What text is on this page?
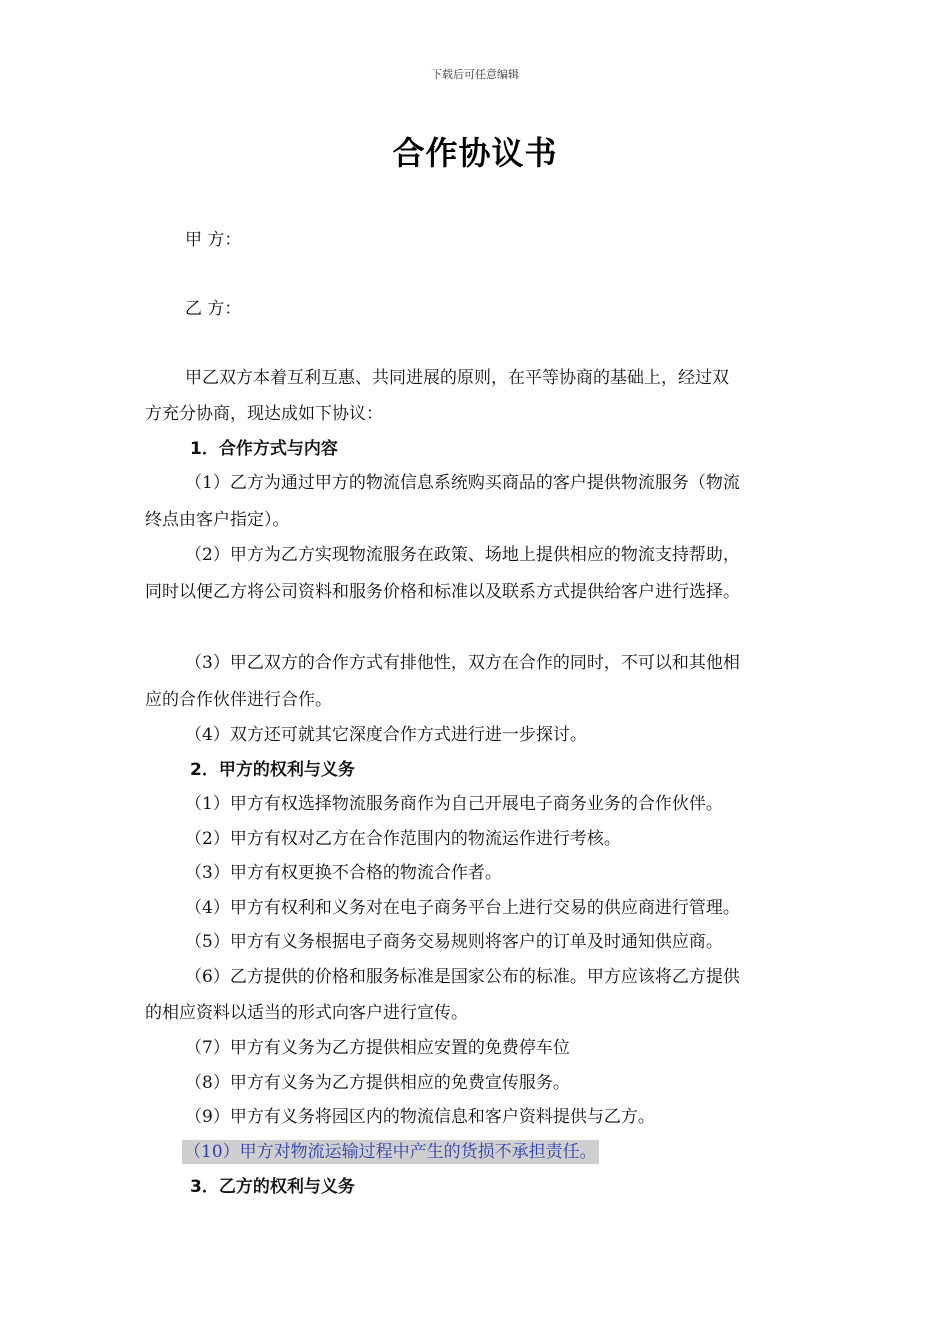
下载后可任意编辑
合作协议书
甲 方：
乙 方：
甲乙双方本着互利互惠、共同进展的原则，在平等协商的基础上，经过双
方充分协商，现达成如下协议：
1．合作方式与内容
（1）乙方为通过甲方的物流信息系统购买商品的客户提供物流服务（物流
终点由客户指定）。
（2）甲方为乙方实现物流服务在政策、场地上提供相应的物流支持帮助，
同时以便乙方将公司资料和服务价格和标准以及联系方式提供给客户进行选择。
（3）甲乙双方的合作方式有排他性，双方在合作的同时，不可以和其他相
应的合作伙伴进行合作。
（4）双方还可就其它深度合作方式进行进一步探讨。
2．甲方的权利与义务
（1）甲方有权选择物流服务商作为自己开展电子商务业务的合作伙伴。
（2）甲方有权对乙方在合作范围内的物流运作进行考核。
（3）甲方有权更换不合格的物流合作者。
（4）甲方有权利和义务对在电子商务平台上进行交易的供应商进行管理。
（5）甲方有义务根据电子商务交易规则将客户的订单及时通知供应商。
（6）乙方提供的价格和服务标准是国家公布的标准。甲方应该将乙方提供
的相应资料以适当的形式向客户进行宣传。
（7）甲方有义务为乙方提供相应安置的免费停车位
（8）甲方有义务为乙方提供相应的免费宣传服务。
（9）甲方有义务将园区内的物流信息和客户资料提供与乙方。
（10）甲方对物流运输过程中产生的货损不承担责任。
3．乙方的权利与义务
